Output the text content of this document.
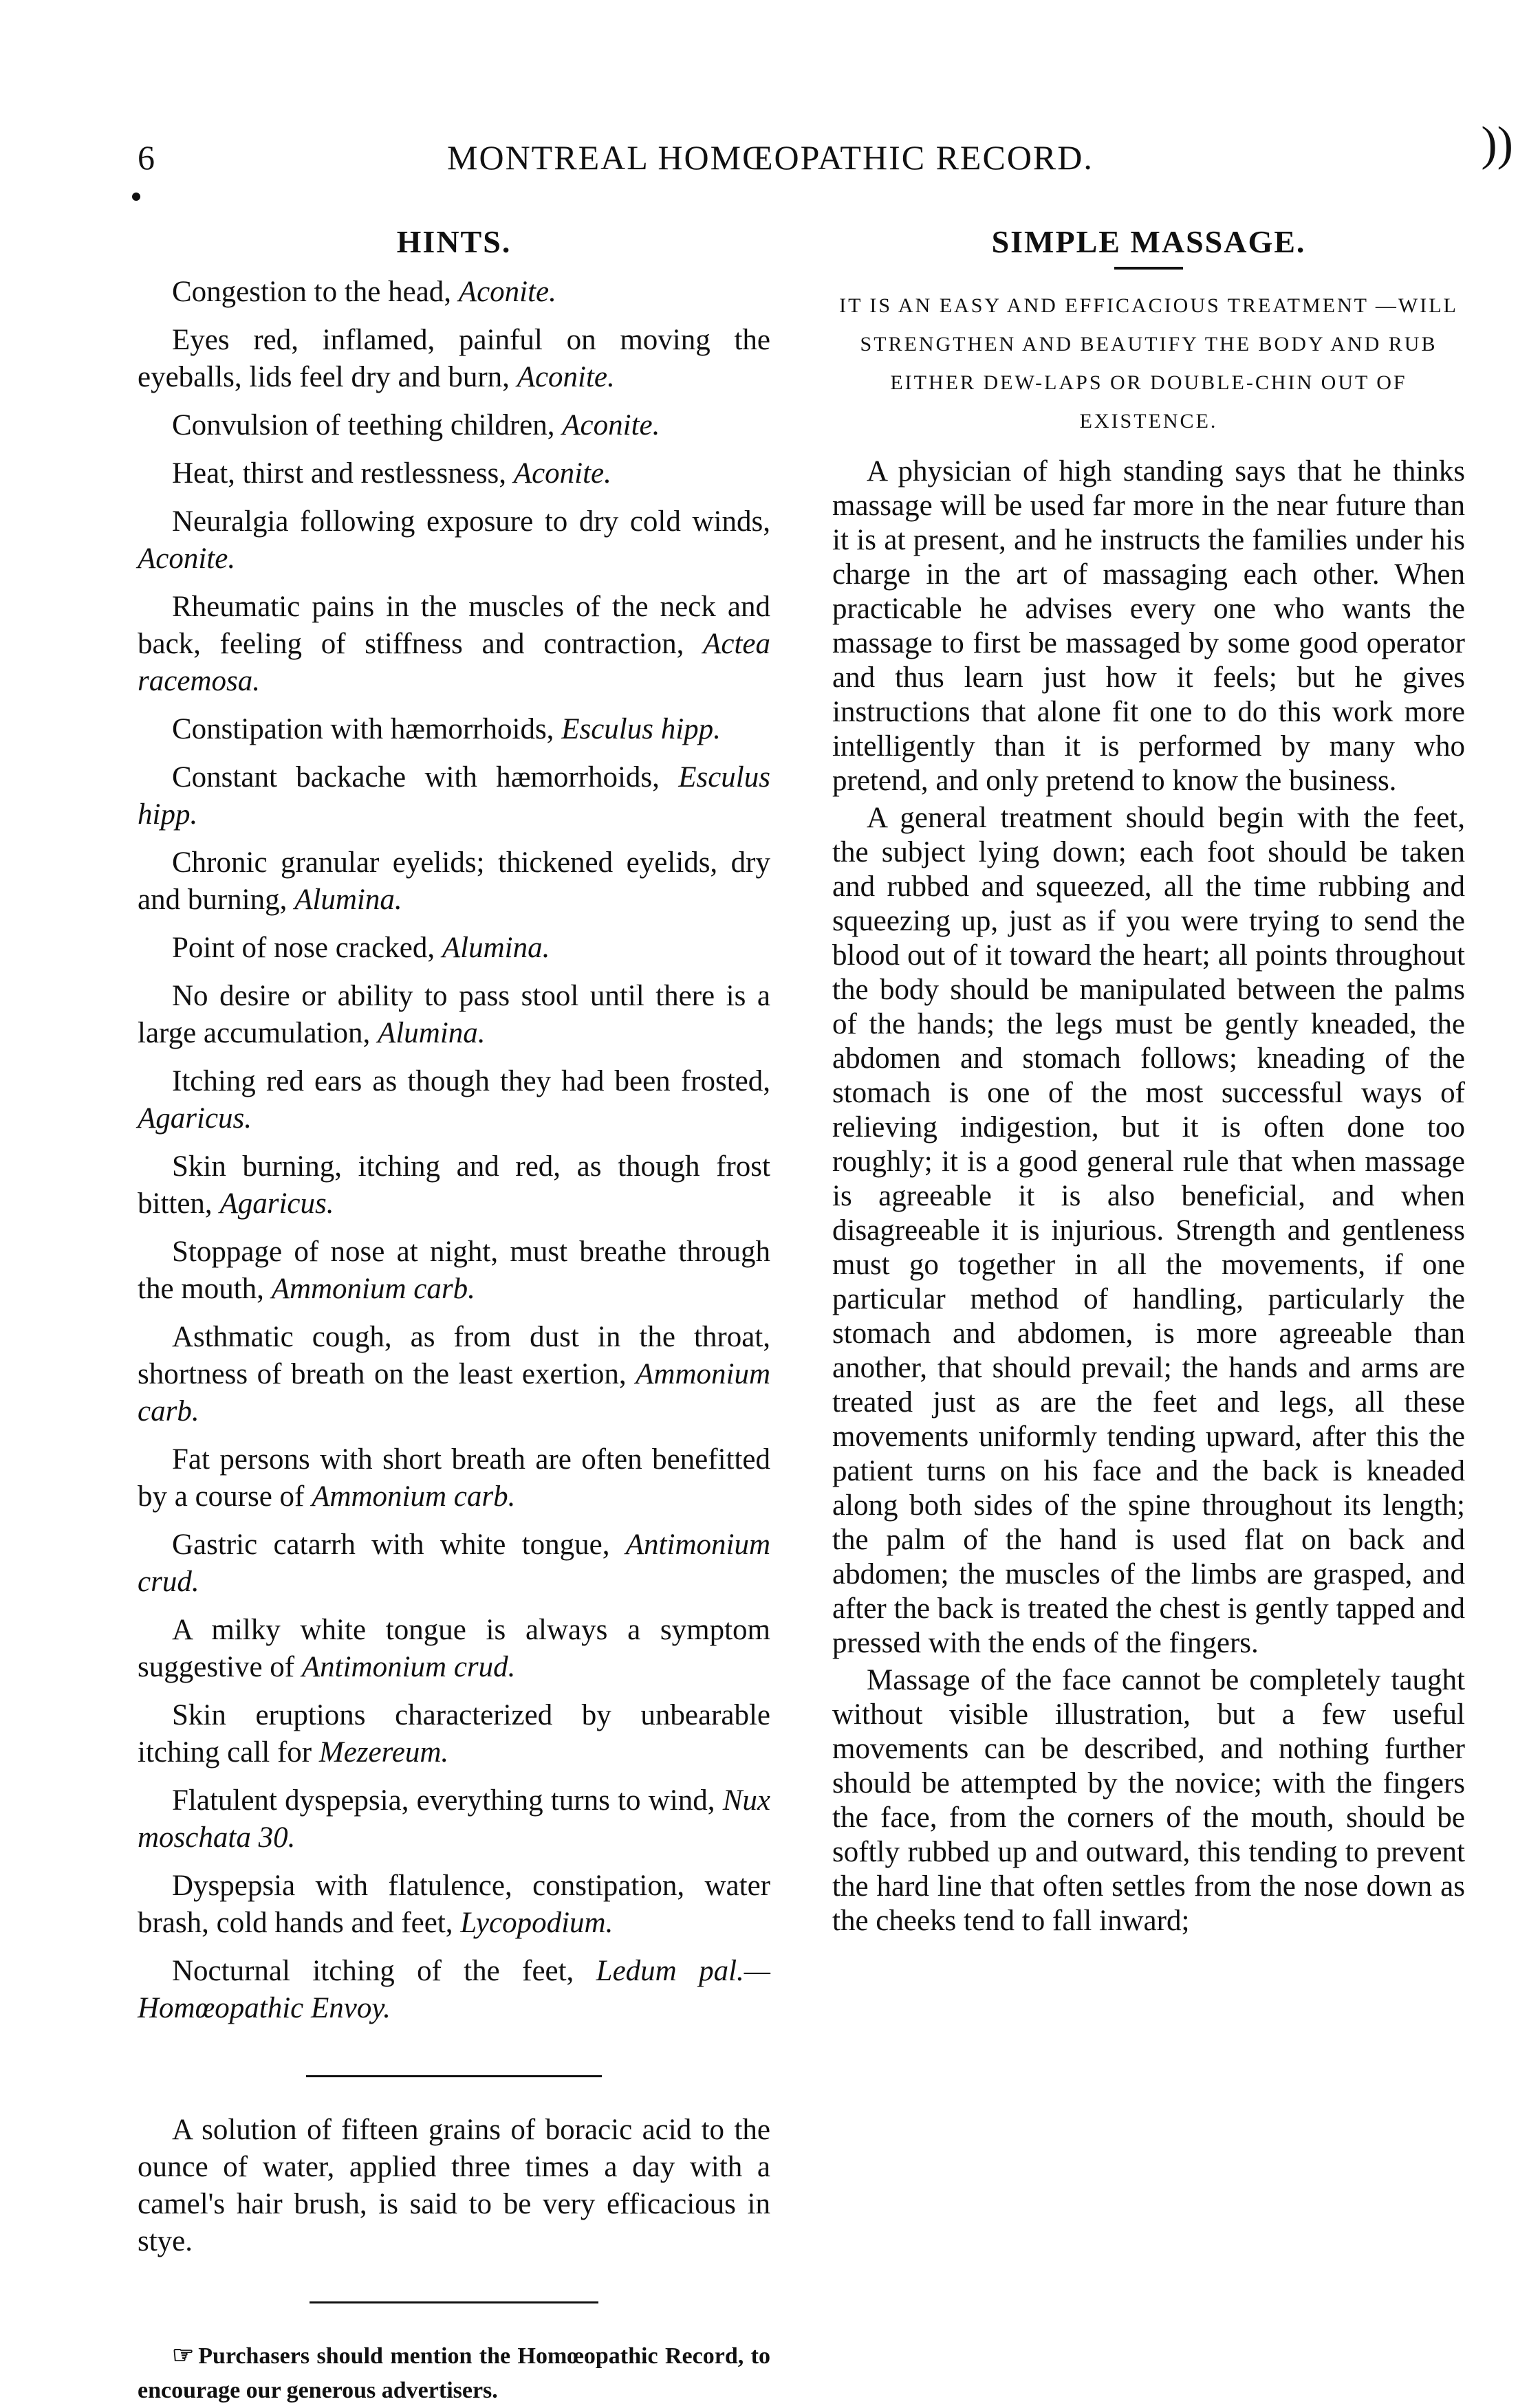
6	MONTREAL HOMŒOPATHIC RECORD.	))
HINTS.

Congestion to the head, Aconite.

Eyes red, inflamed, painful on moving the eyeballs, lids feel dry and burn, Aconite.

Convulsion of teething children, Aconite.

Heat, thirst and restlessness, Aconite.

Neuralgia following exposure to dry cold winds, Aconite.

Rheumatic pains in the muscles of the neck and back, feeling of stiffness and contraction, Actea racemosa.

Constipation with hæmorrhoids, Esculus hipp.

Constant backache with hæmorrhoids, Esculus hipp.

Chronic granular eyelids; thickened eyelids, dry and burning, Alumina.

Point of nose cracked, Alumina.

No desire or ability to pass stool until there is a large accumulation, Alumina.

Itching red ears as though they had been frosted, Agaricus.

Skin burning, itching and red, as though frost bitten, Agaricus.

Stoppage of nose at night, must breathe through the mouth, Ammonium carb.

Asthmatic cough, as from dust in the throat, shortness of breath on the least exertion, Ammonium carb.

Fat persons with short breath are often benefitted by a course of Ammonium carb.

Gastric catarrh with white tongue, Antimonium crud.

A milky white tongue is always a symptom suggestive of Antimonium crud.

Skin eruptions characterized by unbearable itching call for Mezereum.

Flatulent dyspepsia, everything turns to wind, Nux moschata 30.

Dyspepsia with flatulence, constipation, water brash, cold hands and feet, Lycopodium.

Nocturnal itching of the feet, Ledum pal.—Homœopathic Envoy.

A solution of fifteen grains of boracic acid to the ounce of water, applied three times a day with a camel's hair brush, is said to be very efficacious in stye.

☞ Purchasers should mention the Homœopathic Record, to encourage our generous advertisers.

SIMPLE MASSAGE.

IT IS AN EASY AND EFFICACIOUS TREATMENT —WILL STRENGTHEN AND BEAUTIFY THE BODY AND RUB EITHER DEW-LAPS OR DOUBLE-CHIN OUT OF EXISTENCE.

A physician of high standing says that he thinks massage will be used far more in the near future than it is at present, and he instructs the families under his charge in the art of massaging each other. When practicable he advises every one who wants the massage to first be massaged by some good operator and thus learn just how it feels; but he gives instructions that alone fit one to do this work more intelligently than it is performed by many who pretend, and only pretend to know the business.

A general treatment should begin with the feet, the subject lying down; each foot should be taken and rubbed and squeezed, all the time rubbing and squeezing up, just as if you were trying to send the blood out of it toward the heart; all points throughout the body should be manipulated between the palms of the hands; the legs must be gently kneaded, the abdomen and stomach follows; kneading of the stomach is one of the most successful ways of relieving indigestion, but it is often done too roughly; it is a good general rule that when massage is agreeable it is also beneficial, and when disagreeable it is injurious. Strength and gentleness must go together in all the movements, if one particular method of handling, particularly the stomach and abdomen, is more agreeable than another, that should prevail; the hands and arms are treated just as are the feet and legs, all these movements uniformly tending upward, after this the patient turns on his face and the back is kneaded along both sides of the spine throughout its length; the palm of the hand is used flat on back and abdomen; the muscles of the limbs are grasped, and after the back is treated the chest is gently tapped and pressed with the ends of the fingers.

Massage of the face cannot be completely taught without visible illustration, but a few useful movements can be described, and nothing further should be attempted by the novice; with the fingers the face, from the corners of the mouth, should be softly rubbed up and outward, this tending to prevent the hard line that often settles from the nose down as the cheeks tend to fall inward;
